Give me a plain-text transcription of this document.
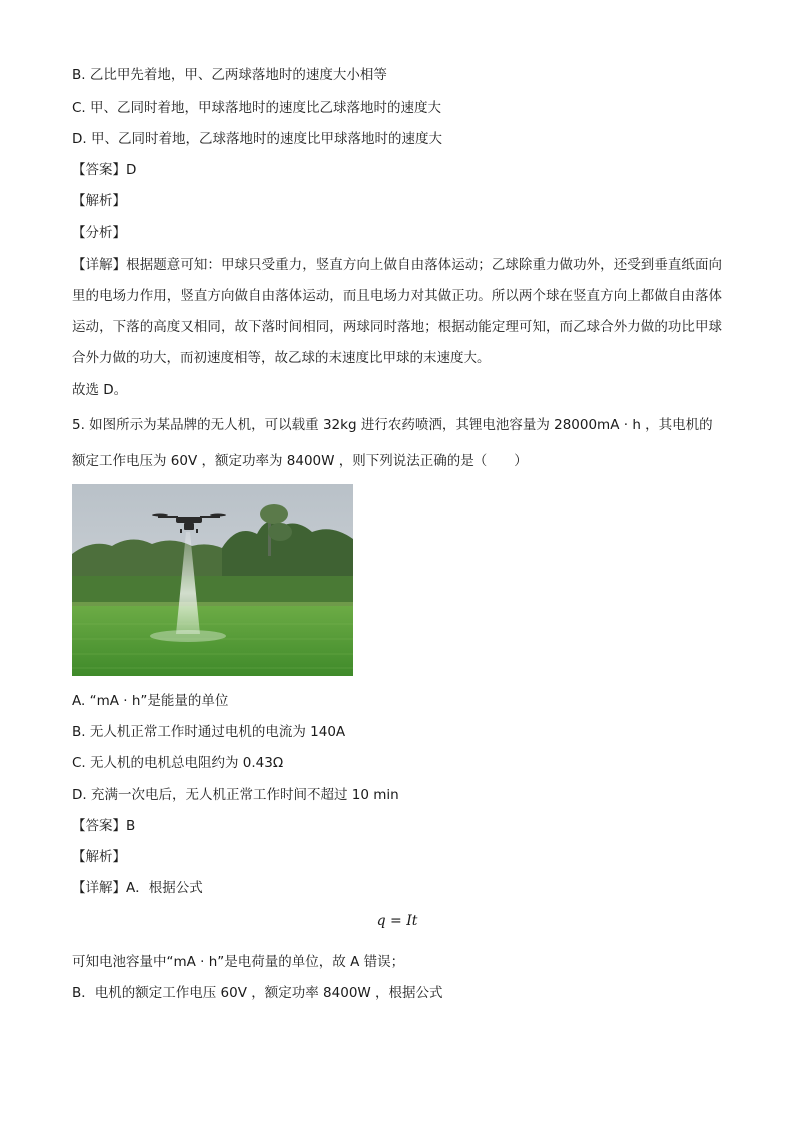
B. 乙比甲先着地，甲、乙两球落地时的速度大小相等
C. 甲、乙同时着地，甲球落地时的速度比乙球落地时的速度大
D. 甲、乙同时着地，乙球落地时的速度比甲球落地时的速度大
【答案】D
【解析】
【分析】
【详解】根据题意可知：甲球只受重力，竖直方向上做自由落体运动；乙球除重力做功外，还受到垂直纸面向里的电场力作用，竖直方向做自由落体运动，而且电场力对其做正功。所以两个球在竖直方向上都做自由落体运动，下落的高度又相同，故下落时间相同，两球同时落地；根据动能定理可知，而乙球合外力做的功比甲球合外力做的功大，而初速度相等，故乙球的末速度比甲球的末速度大。
故选 D。
5. 如图所示为某品牌的无人机，可以载重 32kg 进行农药喷洒，其锂电池容量为 28000mA · h ，其电机的
额定工作电压为 60V ，额定功率为 8400W ，则下列说法正确的是（　　）
A. “mA · h”是能量的单位
B. 无人机正常工作时通过电机的电流为 140A
C. 无人机的电机总电阻约为 0.43Ω
D. 充满一次电后，无人机正常工作时间不超过 10 min
【答案】B
【解析】
【详解】A．根据公式
q = It
可知电池容量中“mA · h”是电荷量的单位，故 A 错误；
B．电机的额定工作电压 60V ，额定功率 8400W ，根据公式
